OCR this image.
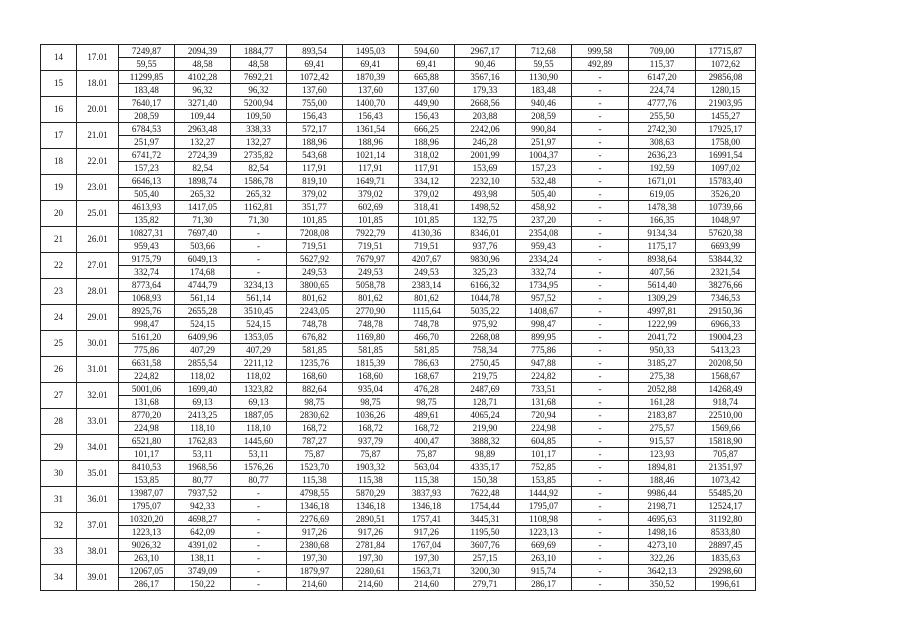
14	17.01	7249,87	2094,39	1884,77	893,54	1495,03	594,60	2967,17	712,68	999,58	709,00	17715,87
		59,55	48,58	48,58	69,41	69,41	69,41	90,46	59,55	492,89	115,37	1072,62
15	18.01	11299,85	4102,28	7692,21	1072,42	1870,39	665,88	3567,16	1130,90	-	6147,20	29856,08
		183,48	96,32	96,32	137,60	137,60	137,60	179,33	183,48	-	224,74	1280,15
16	20.01	7640,17	3271,40	5200,94	755,00	1400,70	449,90	2668,56	940,46	-	4777,76	21903,95
		208,59	109,44	109,50	156,43	156,43	156,43	203,88	208,59	-	255,50	1455,27
17	21.01	6784,53	2963,48	338,33	572,17	1361,54	666,25	2242,06	990,84	-	2742,30	17925,17
		251,97	132,27	132,27	188,96	188,96	188,96	246,28	251,97	-	308,63	1758,00
18	22.01	6741,72	2724,39	2735,82	543,68	1021,14	318,02	2001,99	1004,37	-	2636,23	16991,54
		157,23	82,54	82,54	117,91	117,91	117,91	153,69	157,23	-	192,59	1097,02
19	23.01	6646,13	1898,74	1586,78	819,10	1649,71	334,12	2232,10	532,48	-	1671,01	15783,40
		505,40	265,32	265,32	379,02	379,02	379,02	493,98	505,40	-	619,05	3526,20
20	25.01	4613,93	1417,05	1162,81	351,77	602,69	318,41	1498,52	458,92	-	1478,38	10739,66
		135,82	71,30	71,30	101,85	101,85	101,85	132,75	237,20	-	166,35	1048,97
21	26.01	10827,31	7697,40	-	7208,08	7922,79	4130,36	8346,01	2354,08	-	9134,34	57620,38
		959,43	503,66	-	719,51	719,51	719,51	937,76	959,43	-	1175,17	6693,99
22	27.01	9175,79	6049,13	-	5627,92	7679,97	4207,67	9830,96	2334,24	-	8938,64	53844,32
		332,74	174,68	-	249,53	249,53	249,53	325,23	332,74	-	407,56	2321,54
23	28.01	8773,64	4744,79	3234,13	3800,65	5058,78	2383,14	6166,32	1734,95	-	5614,40	38276,66
		1068,93	561,14	561,14	801,62	801,62	801,62	1044,78	957,52	-	1309,29	7346,53
24	29.01	8925,76	2655,28	3510,45	2243,05	2770,90	1115,64	5035,22	1408,67	-	4997,81	29150,36
		998,47	524,15	524,15	748,78	748,78	748,78	975,92	998,47	-	1222,99	6966,33
25	30.01	5161,20	6409,96	1353,05	676,82	1169,80	466,70	2268,08	899,95	-	2041,72	19004,23
		775,86	407,29	407,29	581,85	581,85	581,85	758,34	775,86	-	950,33	5413,23
26	31.01	6631,58	2855,54	2211,12	1235,76	1815,39	786,63	2750,45	947,88	-	3185,27	20208,50
		224,82	118,02	118,02	168,60	168,60	168,67	219,75	224,82	-	275,38	1568,67
27	32.01	5001,06	1699,40	1323,82	882,64	935,04	476,28	2487,69	733,51	-	2052,88	14268,49
		131,68	69,13	69,13	98,75	98,75	98,75	128,71	131,68	-	161,28	918,74
28	33.01	8770,20	2413,25	1887,05	2830,62	1036,26	489,61	4065,24	720,94	-	2183,87	22510,00
		224,98	118,10	118,10	168,72	168,72	168,72	219,90	224,98	-	275,57	1569,66
29	34.01	6521,80	1762,83	1445,60	787,27	937,79	400,47	3888,32	604,85	-	915,57	15818,90
		101,17	53,11	53,11	75,87	75,87	75,87	98,89	101,17	-	123,93	705,87
30	35.01	8410,53	1968,56	1576,26	1523,70	1903,32	563,04	4335,17	752,85	-	1894,81	21351,97
		153,85	80,77	80,77	115,38	115,38	115,38	150,38	153,85	-	188,46	1073,42
31	36.01	13987,07	7937,52	-	4798,55	5870,29	3837,93	7622,48	1444,92	-	9986,44	55485,20
		1795,07	942,33	-	1346,18	1346,18	1346,18	1754,44	1795,07	-	2198,71	12524,17
32	37.01	10320,20	4698,27	-	2276,69	2890,51	1757,41	3445,31	1108,98	-	4695,63	31192,80
		1223,13	642,09	-	917,26	917,26	917,26	1195,50	1223,13	-	1498,16	8533,80
33	38.01	9026,32	4391,02	-	2380,68	2781,84	1767,04	3607,76	669,69	-	4273,10	28897,45
		263,10	138,11	-	197,30	197,30	197,30	257,15	263,10	-	322,26	1835,63
34	39.01	12067,05	3749,09	-	1879,97	2280,61	1563,71	3200,30	915,74	-	3642,13	29298,60
		286,17	150,22	-	214,60	214,60	214,60	279,71	286,17	-	350,52	1996,61
